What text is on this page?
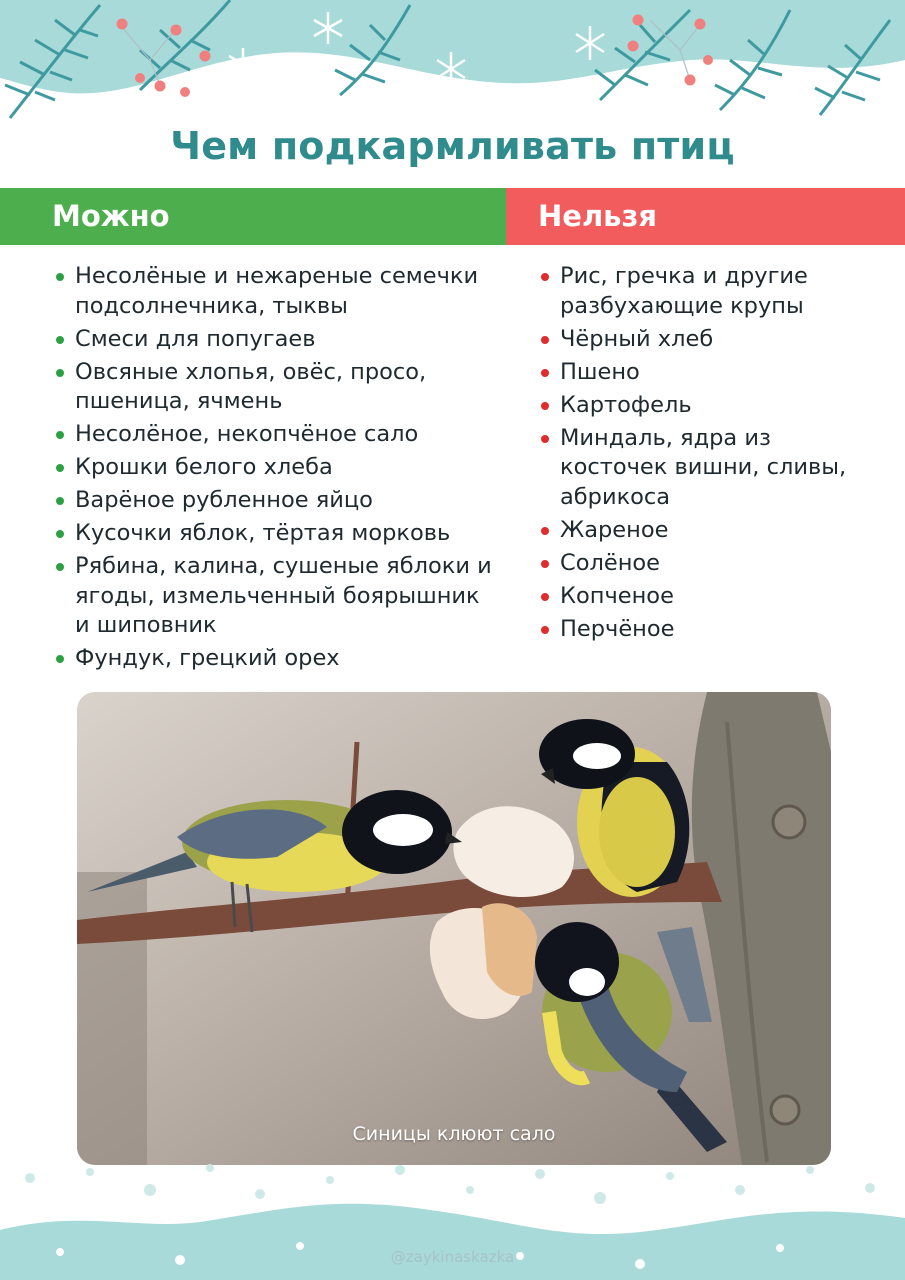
Чем подкармливать птиц
Можно	Нельзя
Несолёные и нежареные семечки подсолнечника, тыквы
Смеси для попугаев
Овсяные хлопья, овёс, просо, пшеница, ячмень
Несолёное, некопчёное сало
Крошки белого хлеба
Варёное рубленное яйцо
Кусочки яблок, тёртая морковь
Рябина, калина, сушеные яблоки и ягоды, измельченный боярышник и шиповник
Фундук, грецкий орех
Рис, гречка и другие разбухающие крупы
Чёрный хлеб
Пшено
Картофель
Миндаль, ядра из косточек вишни, сливы, абрикоса
Жареное
Солёное
Копченое
Перчёное
Синицы клюют сало
@zaykinaskazka
